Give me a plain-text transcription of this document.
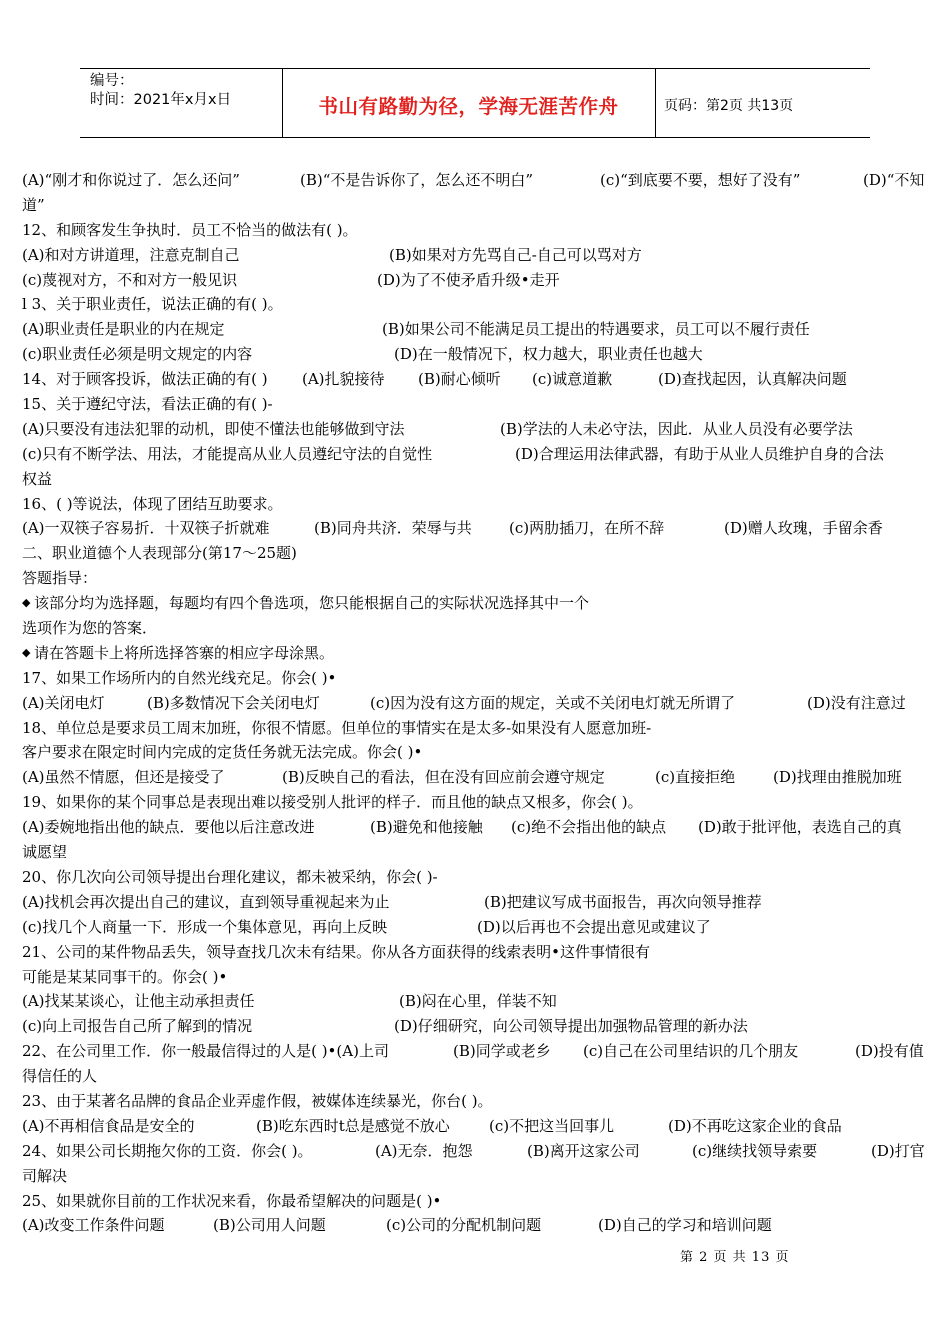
编号：
时间：2021年x月x日	书山有路勤为径，学海无涯苦作舟	页码：第2页 共13页
(A)“刚才和你说过了．怎么还问”	(B)“不是告诉你了，怎么还不明白”	(c)“到底要不要，想好了没有”	(D)“不知
道”
12、和顾客发生争执时．员工不恰当的做法有( )。
(A)和对方讲道理，注意克制自己	(B)如果对方先骂自己-自己可以骂对方
(c)蔑视对方，不和对方一般见识	(D)为了不使矛盾升级•走开
l 3、关于职业责任，说法正确的有( )。
(A)职业责任是职业的内在规定	(B)如果公司不能满足员工提出的特遇要求，员工可以不履行责任
(c)职业责任必须是明文规定的内容	(D)在一般情况下，权力越大，职业责任也越大
14、对于顾客投诉，做法正确的有( ) (A)扎貌接待 (B)耐心倾听 (c)诚意道歉	(D)查找起因，认真解决问题
15、关于遵纪守法，看法正确的有( )-
(A)只要没有违法犯罪的动机，即使不懂法也能够做到守法	(B)学法的人未必守法，因此．从业人员没有必要学法
(c)只有不断学法、用法，才能提高从业人员遵纪守法的自觉性	(D)合理运用法律武器，有助于从业人员维护自身的合法
权益
16、( )等说法，体现了团结互助要求。
(A)一双筷子容易折．十双筷子折就难	(B)同舟共济．荣辱与共 (c)两肋插刀，在所不辞	(D)赠人玫瑰，手留余香
二、职业道德个人表现部分(第17～25题)
答题指导：
◆ 该部分均为选择题，每题均有四个鲁选项，您只能根据自己的实际状况选择其中一个
选项作为您的答案．
◆ 请在答题卡上将所选择答寨的相应字母涂黑。
17、如果工作场所内的自然光线充足。你会( )•
(A)关闭电灯	(B)多数情况下会关闭电灯	(c)因为没有这方面的规定，关或不关闭电灯就无所谓了	(D)没有注意过
18、单位总是要求员工周末加班，你很不情愿。但单位的事情实在是太多-如果没有人愿意加班-
客户要求在限定时间内完成的定货任务就无法完成。你会( )•
(A)虽然不情愿，但还是接受了	(B)反映自己的看法，但在没有回应前会遵守规定	(c)直接拒绝	(D)找理由推脱加班
19、如果你的某个同事总是表现出难以接受别人批评的样子．而且他的缺点又根多，你会( )。
(A)委婉地指出他的缺点．要他以后注意改进	(B)避免和他接触 (c)绝不会指出他的缺点 (D)敢于批评他，表选自己的真
诚愿望
20、你几次向公司领导提出台理化建议，都未被采纳，你会( )-
(A)找机会再次提出自己的建议，直到领导重视起来为止	(B)把建议写成书面报告，再次向领导推荐
(c)找几个人商量一下．形成一个集体意见，再向上反映	(D)以后再也不会提出意见或建议了
21、公司的某件物品丢失，领导查找几次未有结果。你从各方面获得的线索表明•这件事情很有
可能是某某同事干的。你会( )•
(A)找某某谈心，让他主动承担责任	(B)闷在心里，佯装不知
(c)向上司报告自己所了解到的情况	(D)仔细研究，向公司领导提出加强物品管理的新办法
22、在公司里工作．你一般最信得过的人是( )•(A)上司	(B)同学或老乡 (c)自己在公司里结识的几个朋友	(D)投有值
得信任的人
23、由于某著名品牌的食品企业弄虚作假，被媒体连续暴光，你台( )。
(A)不再相信食品是安全的	(B)吃东西时t总是感觉不放心	(c)不把这当回事儿	(D)不再吃这家企业的食品
24、如果公司长期拖欠你的工资．你会( )。	(A)无奈．抱怨	(B)离开这家公司	(c)继续找领导索要	(D)打官
司解决
25、如果就你目前的工作状况来看，你最希望解决的问题是( )•
(A)改变工作条件问题	(B)公司用人问题	(c)公司的分配机制问题	(D)自己的学习和培训问题
第 2 页 共 13 页
